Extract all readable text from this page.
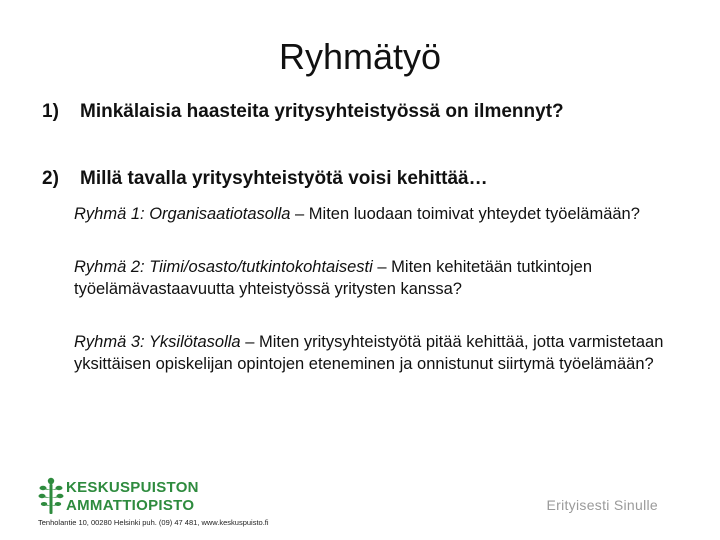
Ryhmätyö
1) Minkälaisia haasteita yritysyhteistyössä on ilmennyt?
2) Millä tavalla yritysyhteistyötä voisi kehittää…
Ryhmä 1: Organisaatiotasolla – Miten luodaan toimivat yhteydet työelämään?
Ryhmä 2: Tiimi/osasto/tutkintokohtaisesti – Miten kehitetään tutkintojen työelämävastaavuutta yhteistyössä yritysten kanssa?
Ryhmä 3: Yksilötasolla – Miten yritysyhteistyötä pitää kehittää, jotta varmistetaan yksittäisen opiskelijan opintojen eteneminen ja onnistunut siirtymä työelämään?
KESKUSPUISTON
AMMATTIOPISTO
Tenholantie 10, 00280 Helsinki puh. (09) 47 481, www.keskuspuisto.fi
Erityisesti Sinulle
